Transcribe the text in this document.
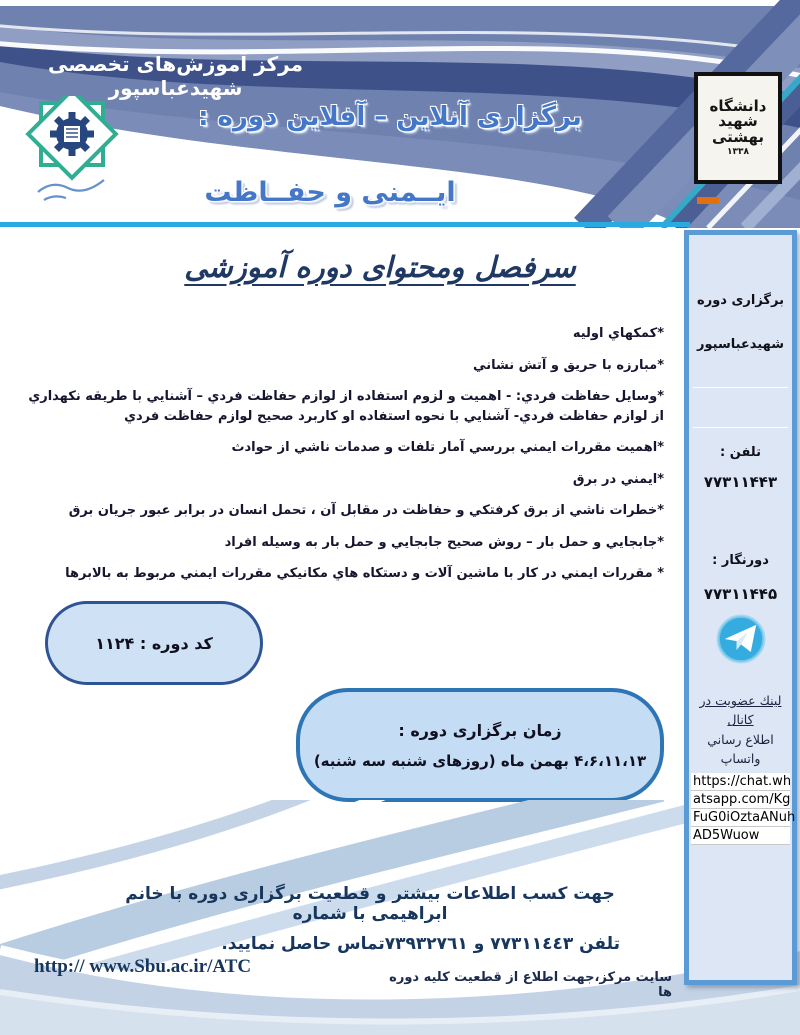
مرکز آموزش‌های تخصصی شهیدعباسپور
برگزاری آنلاین – آفلاین دوره :
ایــمنی و حفــاظت
دانشگاه
شهید
بهشتی
۱۳۳۸
سرفصل ومحتوای دوره آموزشی
*كمكهاي اوليه
*مبارزه با حريق و آتش نشاني
*وسايل حفاظت فردي: - اهميت و لزوم استفاده از لوازم حفاظت فردي – آشنايي با طريقه نكهداري از لوازم حفاظت فردي- آشنايي با نحوه استفاده او كاربرد صحيح لوازم حفاظت فردي
*اهميت مقررات ايمني بررسي آمار تلفات و صدمات ناشي از حوادث
*ايمني در برق
*خطرات ناشي از برق كرفتكي و حفاظت در مقابل آن ، تحمل انسان در برابر عبور جريان برق
*جابجايي و حمل بار – روش صحيح جابجايي و حمل بار به وسيله افراد
* مقررات ايمني در كار با ماشين آلات و دستكاه هاي مكانيكي مقررات ايمني مربوط به بالابرها
كد دوره : ۱۱۲۴
زمان برگزاری دوره :
۴،۶،۱۱،۱۳ بهمن ماه (روزهای شنبه سه شنبه)
جهت كسب اطلاعات بيشتر و قطعيت برگزاری دوره با خانم ابراهيمی با شماره
تلفن ٧٧٣١١٤٤٣ و ٧٣٩٣٢٧٦١تماس حاصل نماييد.
سايت مركز،جهت اطلاع از قطعيت كليه دوره ها
http:// www.Sbu.ac.ir/ATC
برگزاری دوره
شهیدعباسپور
تلفن :
۷۷۳۱۱۴۴۳
دورنگار :
۷۷۳۱۱۴۴۵
لینك عضویت در
كانال
اطلاع رساني
واتساپ
https://chat.wh
atsapp.com/Kg
FuG0iOztaANuh
AD5Wuow
